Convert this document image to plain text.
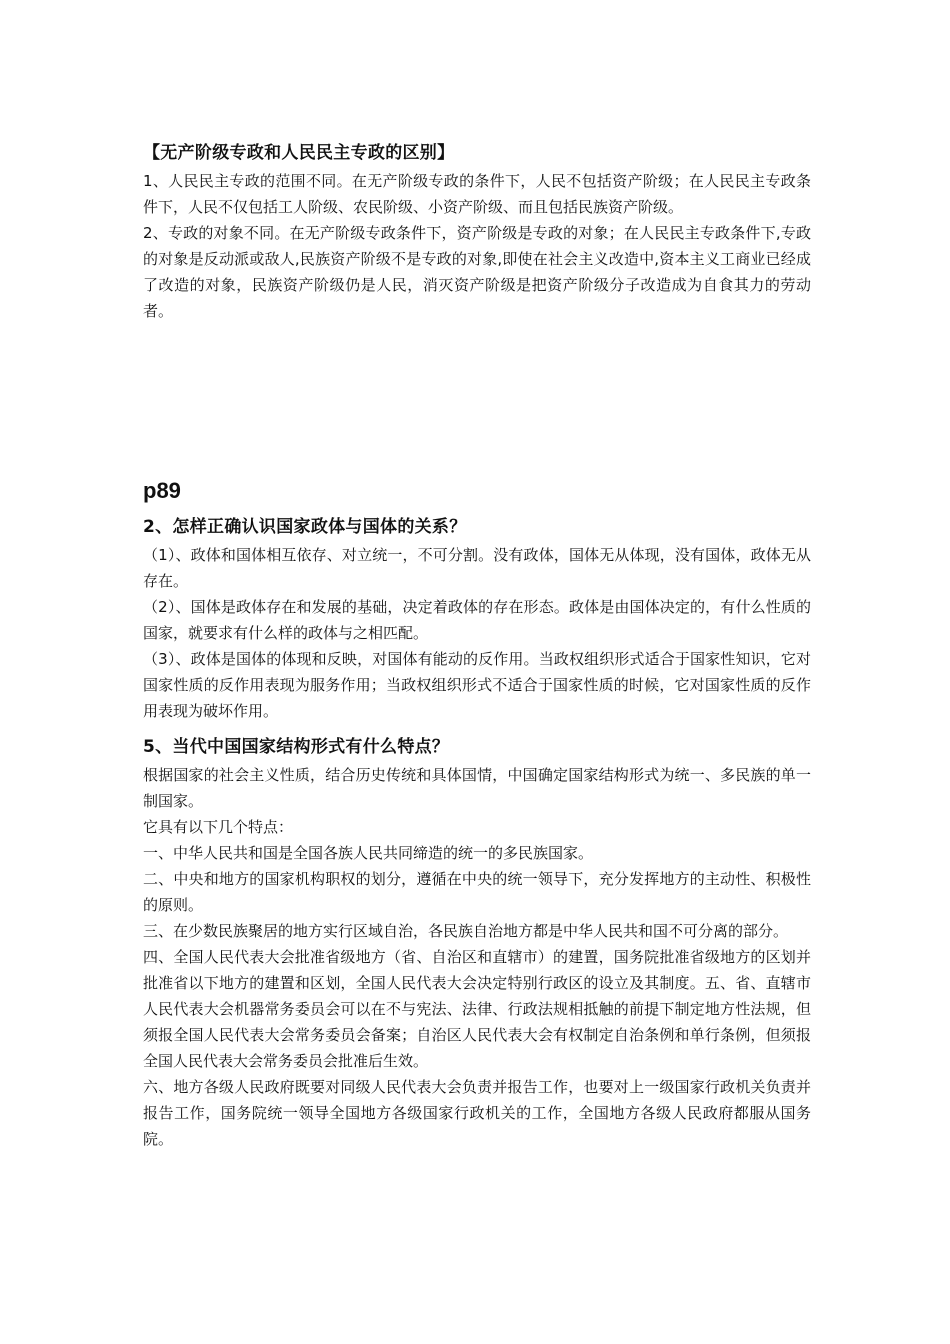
【无产阶级专政和人民民主专政的区别】

1、人民民主专政的范围不同。在无产阶级专政的条件下，人民不包括资产阶级；在人民民主专政条件下，人民不仅包括工人阶级、农民阶级、小资产阶级、而且包括民族资产阶级。

2、专政的对象不同。在无产阶级专政条件下，资产阶级是专政的对象；在人民民主专政条件下,专政的对象是反动派或敌人,民族资产阶级不是专政的对象,即使在社会主义改造中,资本主义工商业已经成了改造的对象，民族资产阶级仍是人民，消灭资产阶级是把资产阶级分子改造成为自食其力的劳动者。

p89
2、怎样正确认识国家政体与国体的关系？

（1）、政体和国体相互依存、对立统一，不可分割。没有政体，国体无从体现，没有国体，政体无从存在。

（2）、国体是政体存在和发展的基础，决定着政体的存在形态。政体是由国体决定的，有什么性质的国家，就要求有什么样的政体与之相匹配。

（3）、政体是国体的体现和反映，对国体有能动的反作用。当政权组织形式适合于国家性知识，它对国家性质的反作用表现为服务作用；当政权组织形式不适合于国家性质的时候，它对国家性质的反作用表现为破坏作用。

5、当代中国国家结构形式有什么特点？

根据国家的社会主义性质，结合历史传统和具体国情，中国确定国家结构形式为统一、多民族的单一制国家。

它具有以下几个特点：

一、中华人民共和国是全国各族人民共同缔造的统一的多民族国家。

二、中央和地方的国家机构职权的划分，遵循在中央的统一领导下，充分发挥地方的主动性、积极性的原则。

三、在少数民族聚居的地方实行区域自治，各民族自治地方都是中华人民共和国不可分离的部分。

四、全国人民代表大会批准省级地方（省、自治区和直辖市）的建置，国务院批准省级地方的区划并批准省以下地方的建置和区划，全国人民代表大会决定特别行政区的设立及其制度。五、省、直辖市人民代表大会机器常务委员会可以在不与宪法、法律、行政法规相抵触的前提下制定地方性法规，但须报全国人民代表大会常务委员会备案；自治区人民代表大会有权制定自治条例和单行条例，但须报全国人民代表大会常务委员会批准后生效。

六、地方各级人民政府既要对同级人民代表大会负责并报告工作，也要对上一级国家行政机关负责并报告工作，国务院统一领导全国地方各级国家行政机关的工作，全国地方各级人民政府都服从国务院。
